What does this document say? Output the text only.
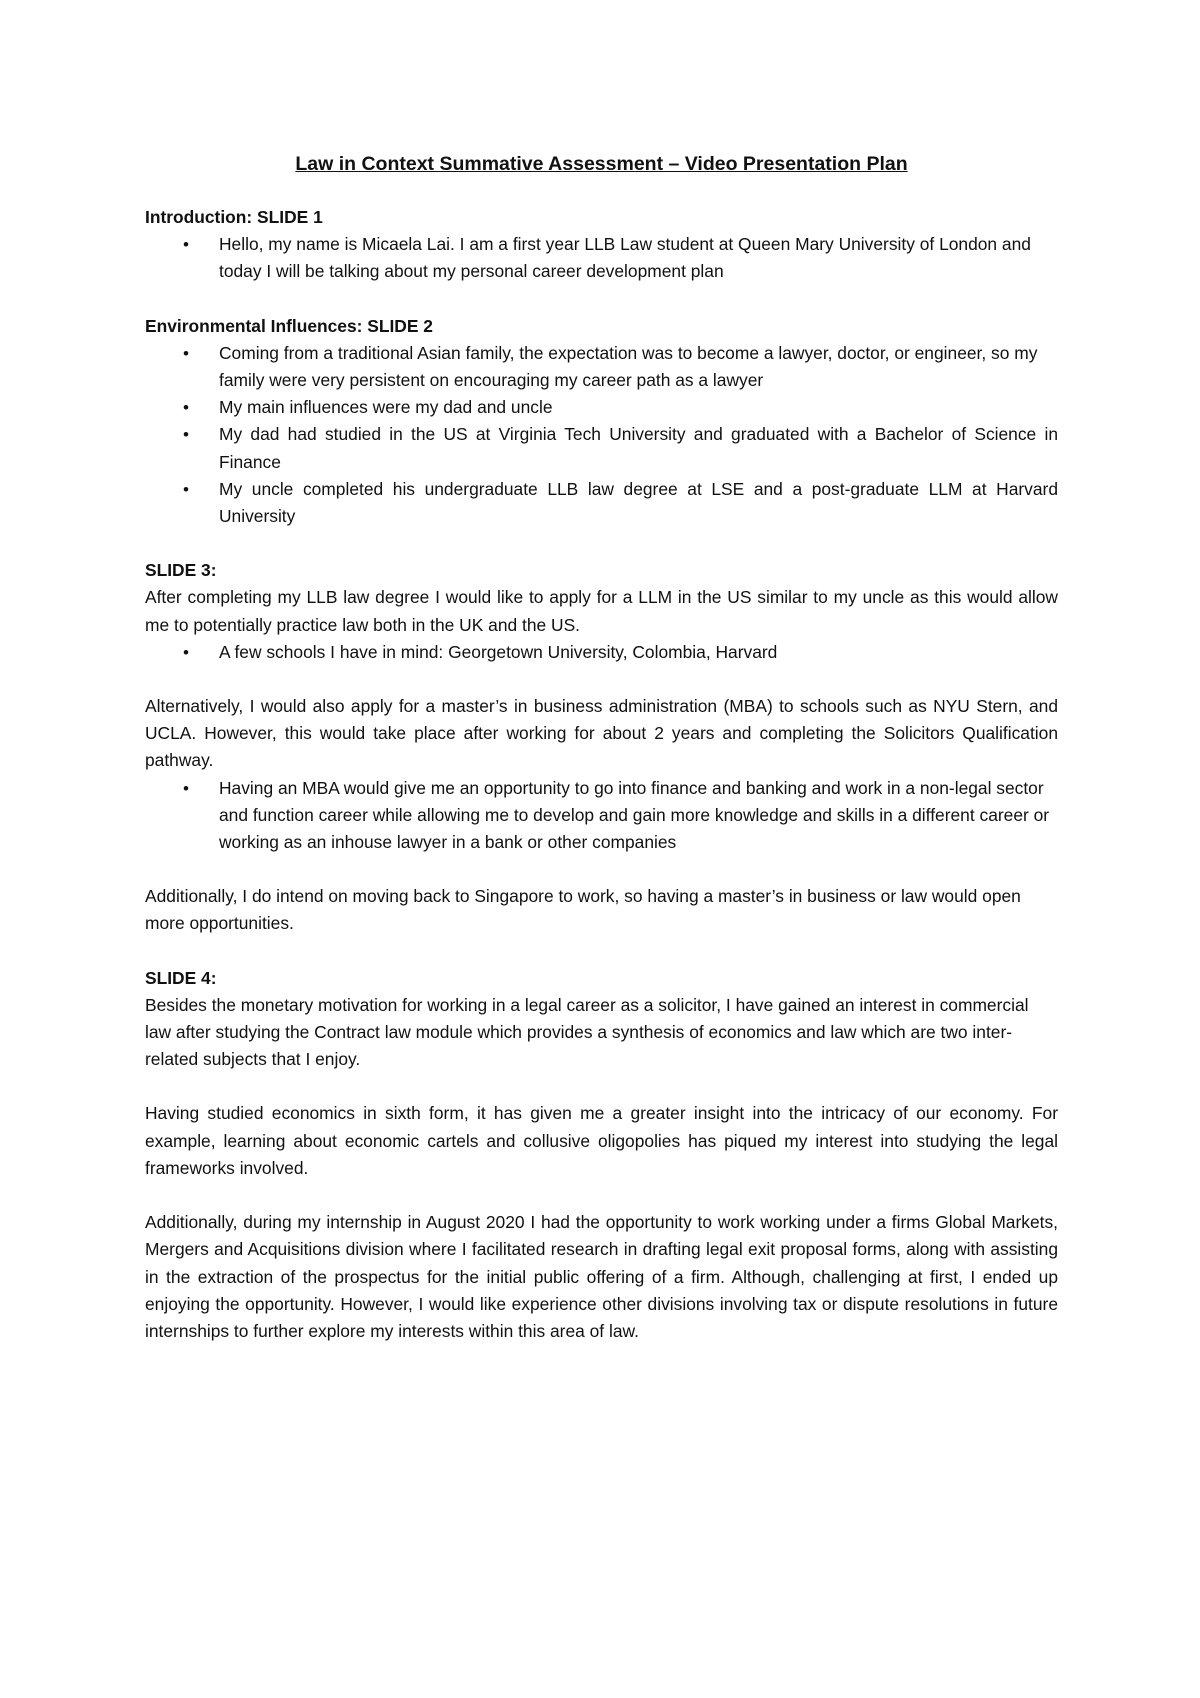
Law in Context Summative Assessment – Video Presentation Plan

Introduction: SLIDE 1

• Hello, my name is Micaela Lai. I am a first year LLB Law student at Queen Mary University of London and today I will be talking about my personal career development plan

Environmental Influences: SLIDE 2

• Coming from a traditional Asian family, the expectation was to become a lawyer, doctor, or engineer, so my family were very persistent on encouraging my career path as a lawyer
• My main influences were my dad and uncle
• My dad had studied in the US at Virginia Tech University and graduated with a Bachelor of Science in Finance
• My uncle completed his undergraduate LLB law degree at LSE and a post-graduate LLM at Harvard University

SLIDE 3:

After completing my LLB law degree I would like to apply for a LLM in the US similar to my uncle as this would allow me to potentially practice law both in the UK and the US.

• A few schools I have in mind: Georgetown University, Colombia, Harvard

Alternatively, I would also apply for a master’s in business administration (MBA) to schools such as NYU Stern, and UCLA. However, this would take place after working for about 2 years and completing the Solicitors Qualification pathway.

• Having an MBA would give me an opportunity to go into finance and banking and work in a non-legal sector and function career while allowing me to develop and gain more knowledge and skills in a different career or working as an inhouse lawyer in a bank or other companies

Additionally, I do intend on moving back to Singapore to work, so having a master’s in business or law would open more opportunities.

SLIDE 4:

Besides the monetary motivation for working in a legal career as a solicitor, I have gained an interest in commercial law after studying the Contract law module which provides a synthesis of economics and law which are two inter-related subjects that I enjoy.

Having studied economics in sixth form, it has given me a greater insight into the intricacy of our economy. For example, learning about economic cartels and collusive oligopolies has piqued my interest into studying the legal frameworks involved.

Additionally, during my internship in August 2020 I had the opportunity to work working under a firms Global Markets, Mergers and Acquisitions division where I facilitated research in drafting legal exit proposal forms, along with assisting in the extraction of the prospectus for the initial public offering of a firm. Although, challenging at first, I ended up enjoying the opportunity. However, I would like experience other divisions involving tax or dispute resolutions in future internships to further explore my interests within this area of law.
